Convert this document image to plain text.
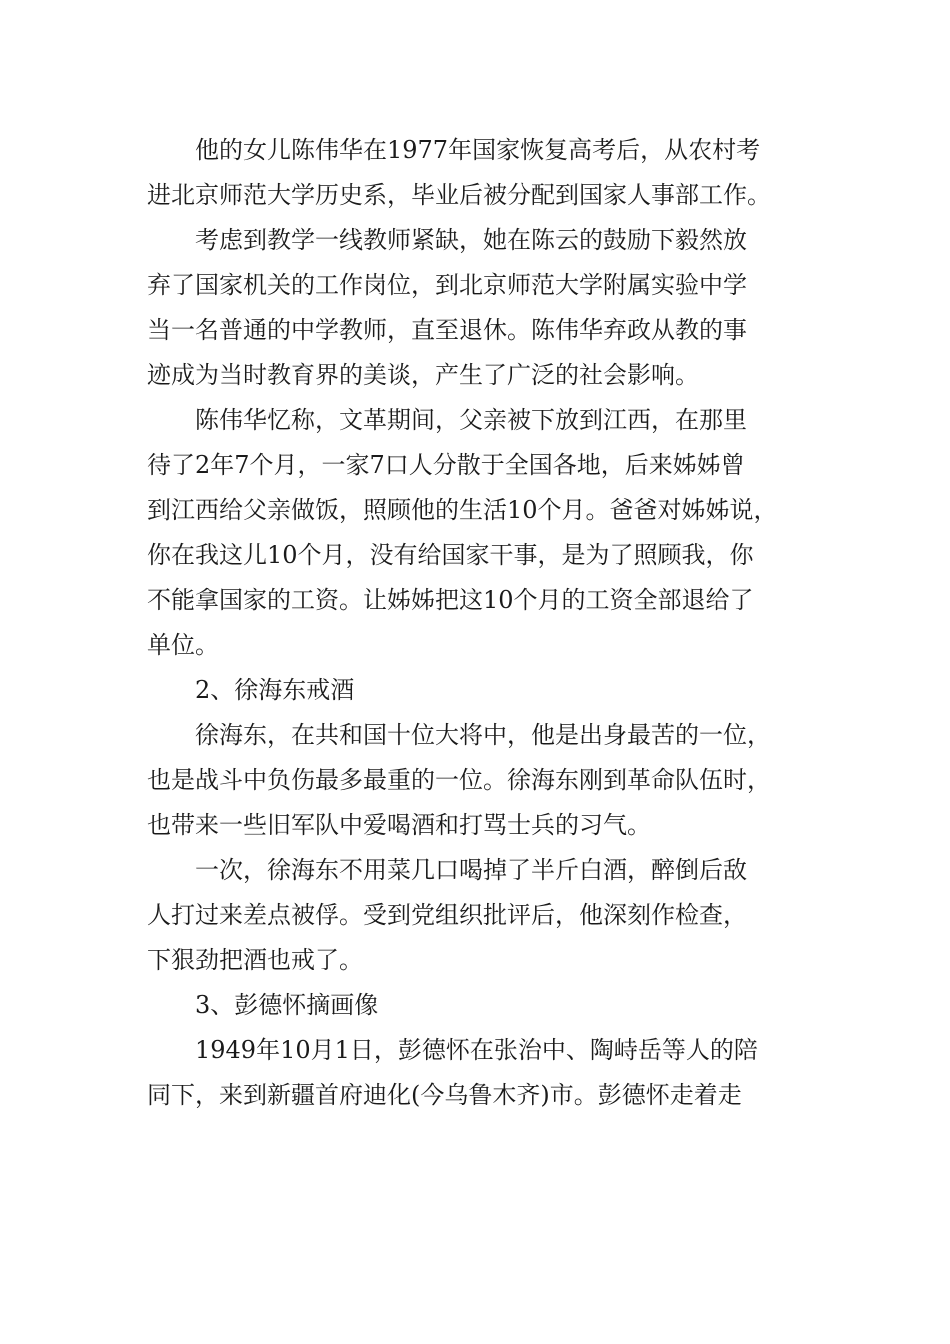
他的女儿陈伟华在1977年国家恢复高考后，从农村考
进北京师范大学历史系，毕业后被分配到国家人事部工作。
考虑到教学一线教师紧缺，她在陈云的鼓励下毅然放
弃了国家机关的工作岗位，到北京师范大学附属实验中学
当一名普通的中学教师，直至退休。陈伟华弃政从教的事
迹成为当时教育界的美谈，产生了广泛的社会影响。
陈伟华忆称，文革期间，父亲被下放到江西，在那里
待了2年7个月，一家7口人分散于全国各地，后来姊姊曾
到江西给父亲做饭，照顾他的生活10个月。爸爸对姊姊说，
你在我这儿10个月，没有给国家干事，是为了照顾我，你
不能拿国家的工资。让姊姊把这10个月的工资全部退给了
单位。
2、徐海东戒酒
徐海东，在共和国十位大将中，他是出身最苦的一位，
也是战斗中负伤最多最重的一位。徐海东刚到革命队伍时，
也带来一些旧军队中爱喝酒和打骂士兵的习气。
一次，徐海东不用菜几口喝掉了半斤白酒，醉倒后敌
人打过来差点被俘。受到党组织批评后，他深刻作检查，
下狠劲把酒也戒了。
3、彭德怀摘画像
1949年10月1日，彭德怀在张治中、陶峙岳等人的陪
同下，来到新疆首府迪化(今乌鲁木齐)市。彭德怀走着走
